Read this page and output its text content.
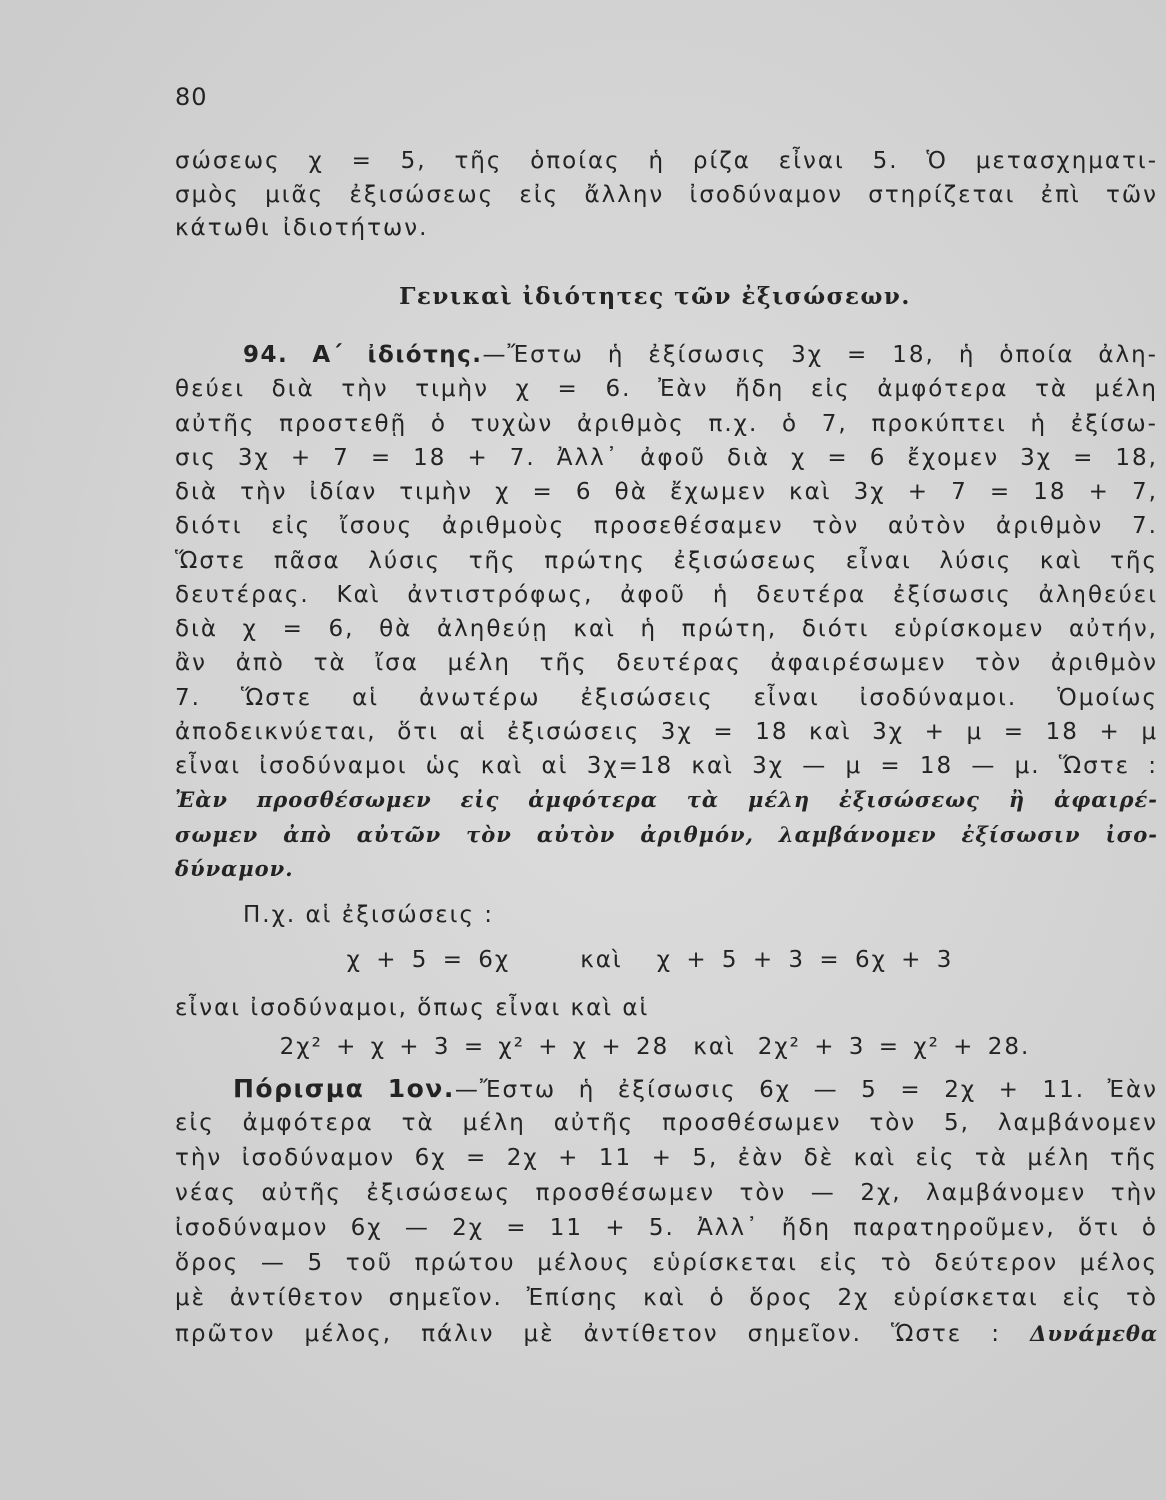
80
σώσεως χ = 5, τῆς ὁποίας ἡ ρίζα εἶναι 5. Ὁ μετασχηματι-
σμὸς μιᾶς ἐξισώσεως εἰς ἄλλην ἰσοδύναμον στηρίζεται ἐπὶ τῶν
κάτωθι ἰδιοτήτων.
Γενικαὶ ἰδιότητες τῶν ἐξισώσεων.
94. Α΄ ἰδιότης.—Ἔστω ἡ ἐξίσωσις 3χ = 18, ἡ ὁποία ἀλη-
θεύει διὰ τὴν τιμὴν χ = 6. Ἐὰν ἤδη εἰς ἀμφότερα τὰ μέλη
αὐτῆς προστεθῇ ὁ τυχὼν ἀριθμὸς π.χ. ὁ 7, προκύπτει ἡ ἐξίσω-
σις 3χ + 7 = 18 + 7. Ἀλλ᾽ ἀφοῦ διὰ χ = 6 ἔχομεν 3χ = 18,
διὰ τὴν ἰδίαν τιμὴν χ = 6 θὰ ἔχωμεν καὶ 3χ + 7 = 18 + 7,
διότι εἰς ἴσους ἀριθμοὺς προσεθέσαμεν τὸν αὐτὸν ἀριθμὸν 7.
Ὥστε πᾶσα λύσις τῆς πρώτης ἐξισώσεως εἶναι λύσις καὶ τῆς
δευτέρας. Καὶ ἀντιστρόφως, ἀφοῦ ἡ δευτέρα ἐξίσωσις ἀληθεύει
διὰ χ = 6, θὰ ἀληθεύῃ καὶ ἡ πρώτη, διότι εὑρίσκομεν αὐτήν,
ἂν ἀπὸ τὰ ἴσα μέλη τῆς δευτέρας ἀφαιρέσωμεν τὸν ἀριθμὸν
7. Ὥστε αἱ ἀνωτέρω ἐξισώσεις εἶναι ἰσοδύναμοι. Ὁμοίως
ἀποδεικνύεται, ὅτι αἱ ἐξισώσεις 3χ = 18 καὶ 3χ + μ = 18 + μ
εἶναι ἰσοδύναμοι ὡς καὶ αἱ 3χ=18 καὶ 3χ — μ = 18 — μ. Ὥστε :
Ἐὰν προσθέσωμεν εἰς ἀμφότερα τὰ μέλη ἐξισώσεως ἢ ἀφαιρέ-
σωμεν ἀπὸ αὐτῶν τὸν αὐτὸν ἀριθμόν, λαμβάνομεν ἐξίσωσιν ἰσο-
δύναμον.
Π.χ. αἱ ἐξισώσεις :
χ + 5 = 6χ	καὶ χ + 5 + 3 = 6χ + 3
εἶναι ἰσοδύναμοι, ὅπως εἶναι καὶ αἱ
2χ² + χ + 3 = χ² + χ + 28 καὶ 2χ² + 3 = χ² + 28.
Πόρισμα 1ον.—Ἔστω ἡ ἐξίσωσις 6χ — 5 = 2χ + 11. Ἐὰν
εἰς ἀμφότερα τὰ μέλη αὐτῆς προσθέσωμεν τὸν 5, λαμβάνομεν
τὴν ἰσοδύναμον 6χ = 2χ + 11 + 5, ἐὰν δὲ καὶ εἰς τὰ μέλη τῆς
νέας αὐτῆς ἐξισώσεως προσθέσωμεν τὸν — 2χ, λαμβάνομεν τὴν
ἰσοδύναμον 6χ — 2χ = 11 + 5. Ἀλλ᾽ ἤδη παρατηροῦμεν, ὅτι ὁ
ὅρος — 5 τοῦ πρώτου μέλους εὑρίσκεται εἰς τὸ δεύτερον μέλος
μὲ ἀντίθετον σημεῖον. Ἐπίσης καὶ ὁ ὅρος 2χ εὑρίσκεται εἰς τὸ
πρῶτον μέλος, πάλιν μὲ ἀντίθετον σημεῖον. Ὥστε : Δυνάμεθα
